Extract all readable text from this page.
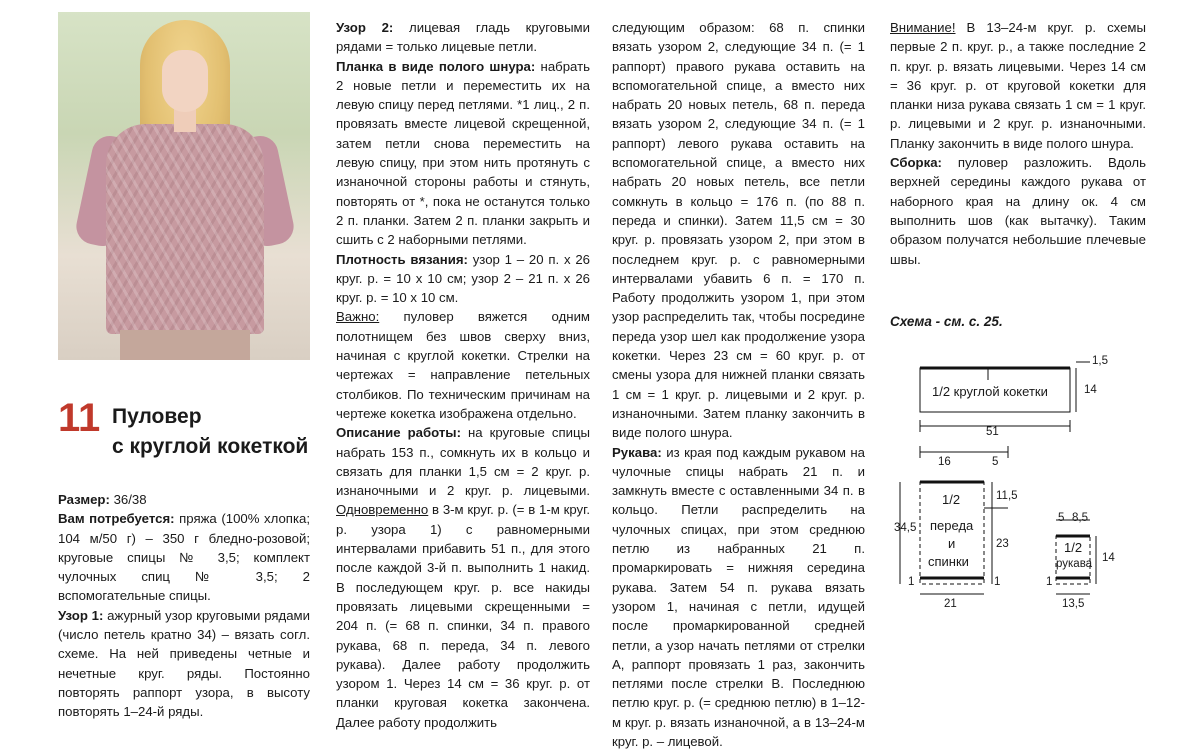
11 Пуловер
с круглой кокеткой

Размер: 36/38

Вам потребуется: пряжа (100% хлопка; 104 м/50 г) – 350 г бледно-розовой; круговые спицы № 3,5; комплект чулочных спиц № 3,5; 2 вспомогательные спицы.

Узор 1: ажурный узор круговыми рядами (число петель кратно 34) – вязать согл. схеме. На ней приведены четные и нечетные круг. ряды. Постоянно повторять раппорт узора, в высоту повторять 1–24-й ряды.

Узор 2: лицевая гладь круговыми рядами = только лицевые петли.

Планка в виде полого шнура: набрать 2 новые петли и переместить их на левую спицу перед петлями. *1 лиц., 2 п. провязать вместе лицевой скрещенной, затем петли снова переместить на левую спицу, при этом нить протянуть с изнаночной стороны работы и стянуть, повторять от *, пока не останутся только 2 п. планки. Затем 2 п. планки закрыть и сшить с 2 наборными петлями.

Плотность вязания: узор 1 – 20 п. х 26 круг. р. = 10 х 10 см; узор 2 – 21 п. х 26 круг. р. = 10 х 10 см.

Важно: пуловер вяжется одним полотнищем без швов сверху вниз, начиная с круглой кокетки. Стрелки на чертежах = направление петельных столбиков. По техническим причинам на чертеже кокетка изображена отдельно.

Описание работы: на круговые спицы набрать 153 п., сомкнуть их в кольцо и связать для планки 1,5 см = 2 круг. р. изнаночными и 2 круг. р. лицевыми. Одновременно в 3-м круг. р. (= в 1-м круг. р. узора 1) с равномерными интервалами прибавить 51 п., для этого после каждой 3-й п. выполнить 1 накид. В последующем круг. р. все накиды провязать лицевыми скрещенными = 204 п. (= 68 п. спинки, 34 п. правого рукава, 68 п. переда, 34 п. левого рукава). Далее работу продолжить узором 1. Через 14 см = 36 круг. р. от планки круговая кокетка закончена. Далее работу продолжить

следующим образом: 68 п. спинки вязать узором 2, следующие 34 п. (= 1 раппорт) правого рукава оставить на вспомогательной спице, а вместо них набрать 20 новых петель, 68 п. переда вязать узором 2, следующие 34 п. (= 1 раппорт) левого рукава оставить на вспомогательной спице, а вместо них набрать 20 новых петель, все петли сомкнуть в кольцо = 176 п. (по 88 п. переда и спинки). Затем 11,5 см = 30 круг. р. провязать узором 2, при этом в последнем круг. р. с равномерными интервалами убавить 6 п. = 170 п. Работу продолжить узором 1, при этом узор распределить так, чтобы посредине переда узор шел как продолжение узора кокетки. Через 23 см = 60 круг. р. от смены узора для нижней планки связать 1 см = 1 круг. р. лицевыми и 2 круг. р. изнаночными. Затем планку закончить в виде полого шнура.

Рукава: из края под каждым рукавом на чулочные спицы набрать 21 п. и замкнуть вместе с оставленными 34 п. в кольцо. Петли распределить на чулочных спицах, при этом среднюю петлю из набранных 21 п. промаркировать = нижняя середина рукава. Затем 54 п. рукава вязать узором 1, начиная с петли, идущей после промаркированной средней петли, а узор начать петлями от стрелки А, раппорт провязать 1 раз, закончить петлями после стрелки В. Последнюю петлю круг. р. (= среднюю петлю) в 1–12-м круг. р. вязать изнаночной, а в 13–24-м круг. р. – лицевой.

Внимание! В 13–24-м круг. р. схемы первые 2 п. круг. р., а также последние 2 п. круг. р. вязать лицевыми. Через 14 см = 36 круг. р. от круговой кокетки для планки низа рукава связать 1 см = 1 круг. р. лицевыми и 2 круг. р. изнаночными. Планку закончить в виде полого шнура.

Сборка: пуловер разложить. Вдоль верхней середины каждого рукава от наборного края на длину ок. 4 см выполнить шов (как вытачку). Таким образом получатся небольшие плечевые швы.

Схема - см. с. 25.
1,5
1/2 круглой кокетки	14
51
16	5
1/2	11,5
переда
и
спинки
34,5
23
1	1
21
5 8,5
1/2
рукава 14
1
13,5
